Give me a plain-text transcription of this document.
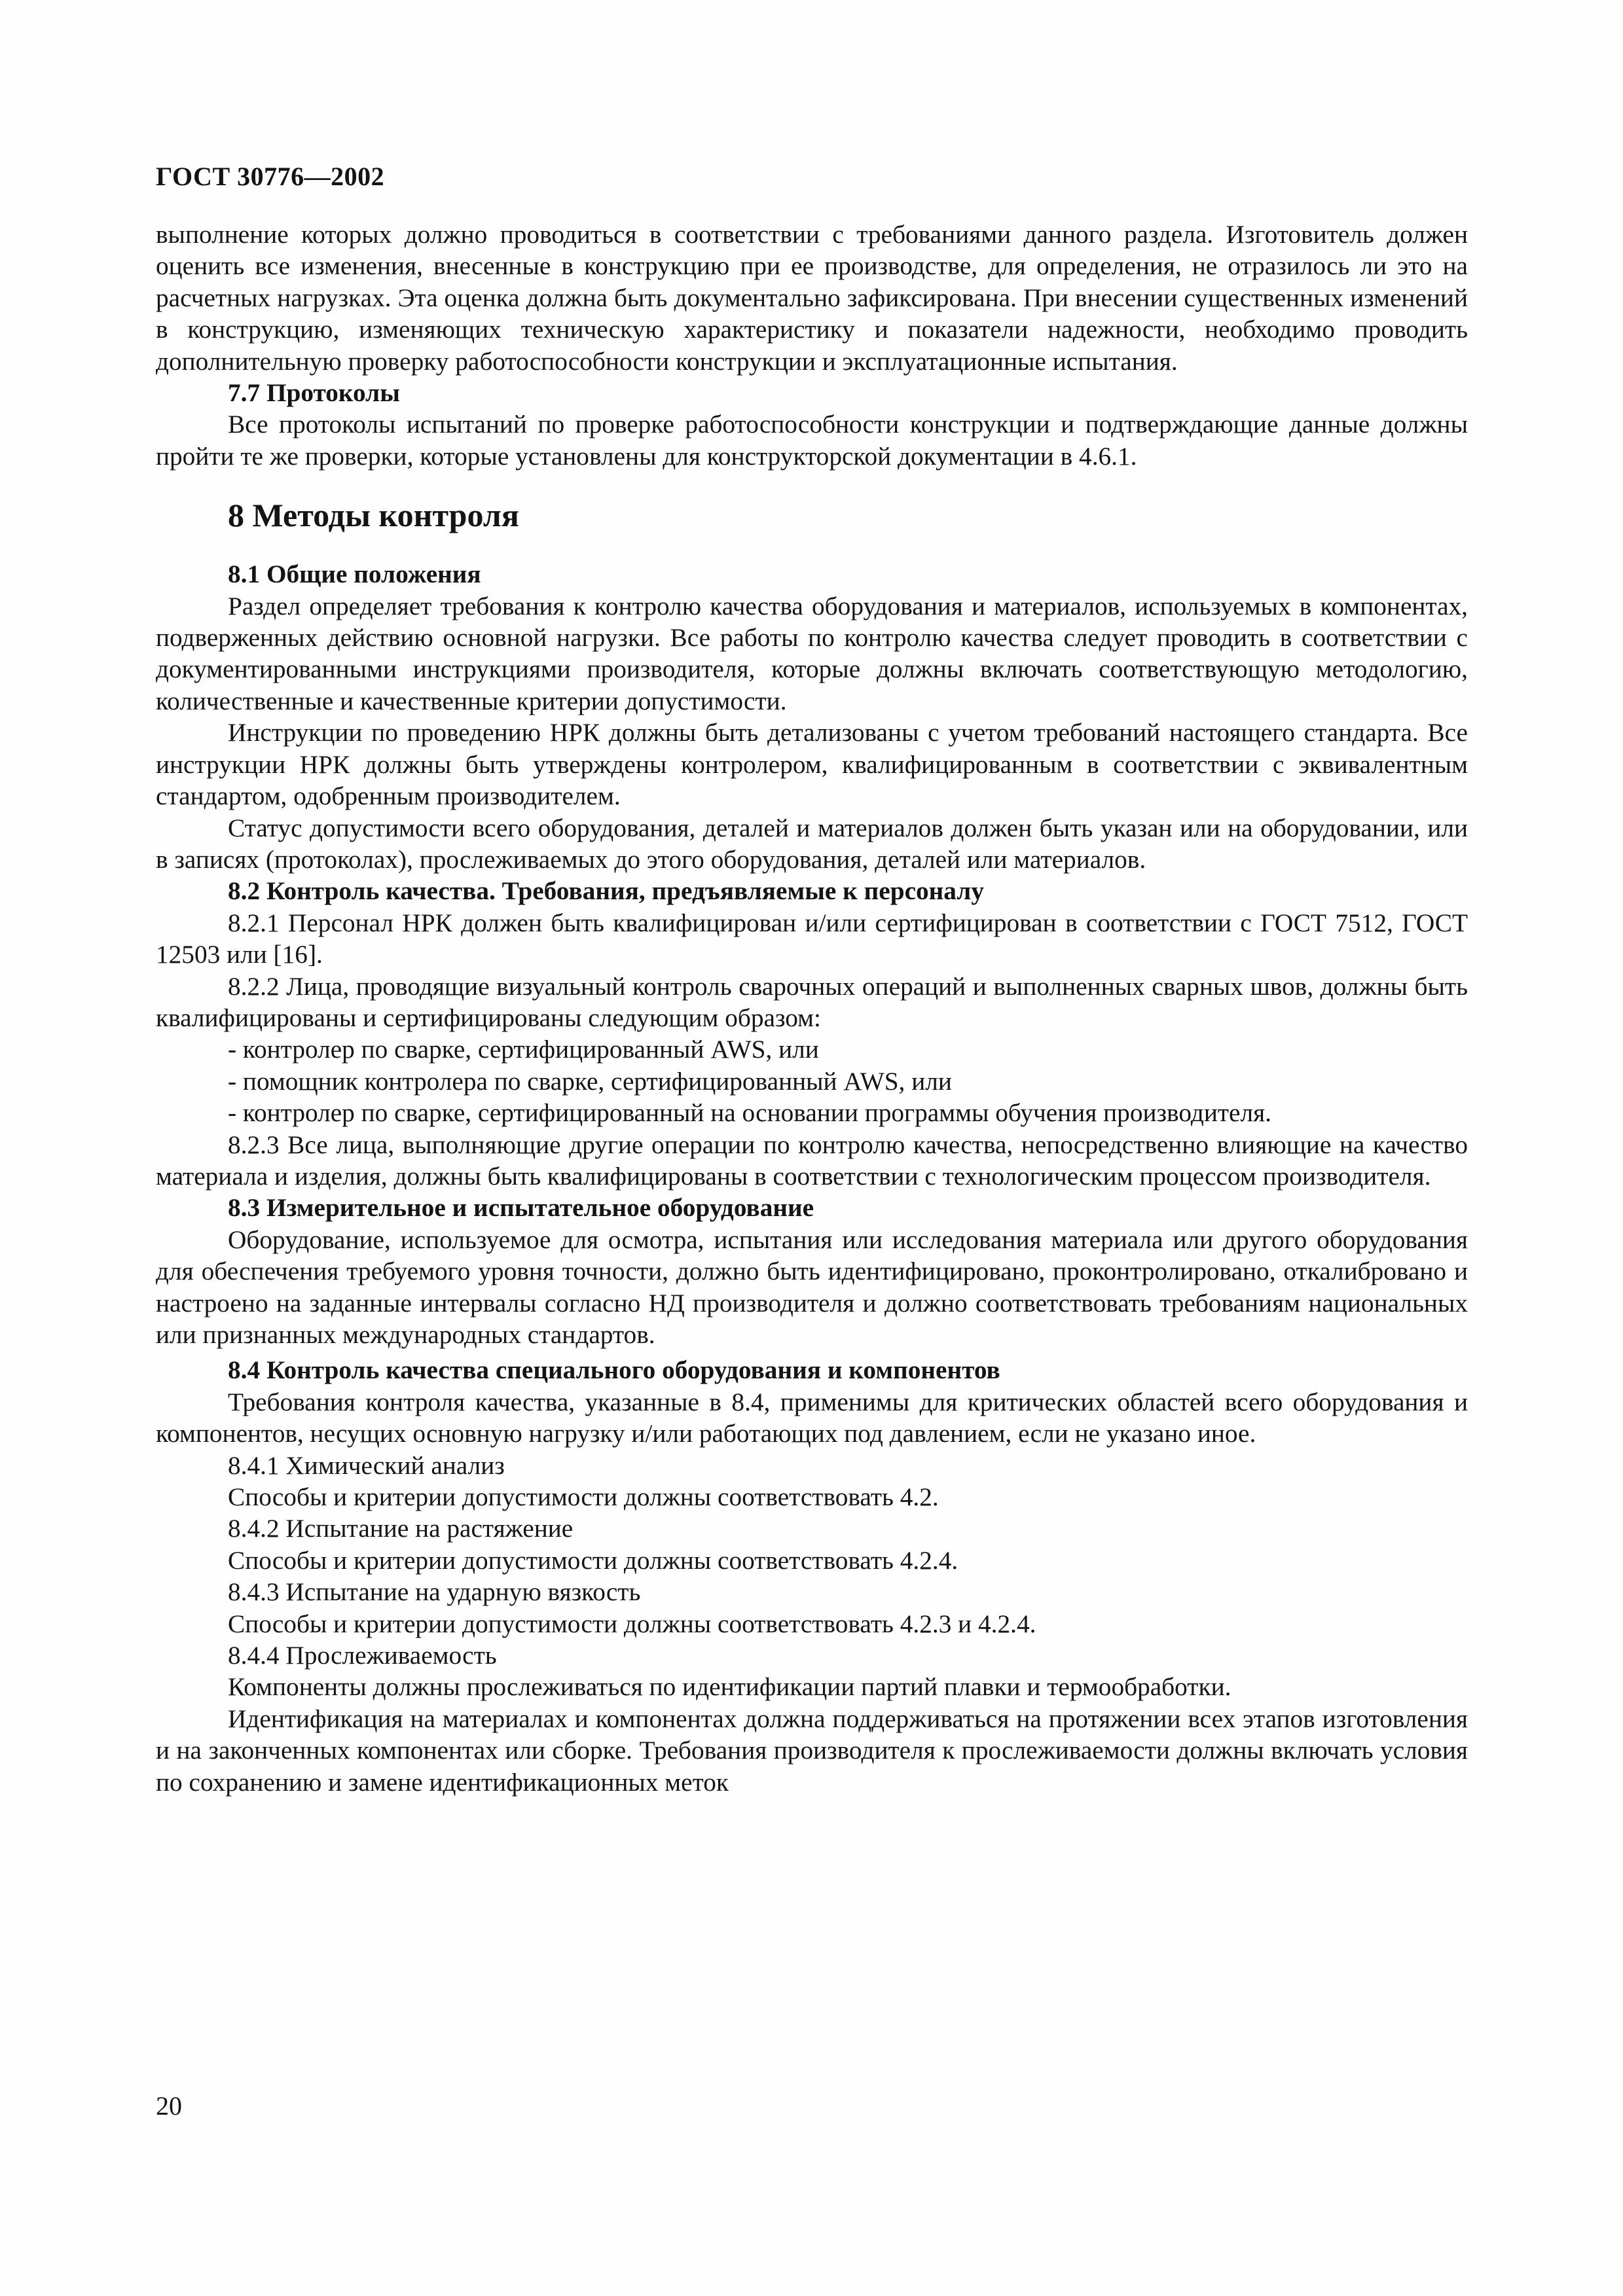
ГОСТ 30776—2002

выполнение которых должно проводиться в соответствии с требованиями данного раздела. Изготовитель должен оценить все изменения, внесенные в конструкцию при ее производстве, для определения, не отразилось ли это на расчетных нагрузках. Эта оценка должна быть документально зафиксирована. При внесении существенных изменений в конструкцию, изменяющих техническую характеристику и показатели надежности, необходимо проводить дополнительную проверку работоспособности конструкции и эксплуатационные испытания.

7.7 Протоколы

Все протоколы испытаний по проверке работоспособности конструкции и подтверждающие данные должны пройти те же проверки, которые установлены для конструкторской документации в 4.6.1.

8 Методы контроля

8.1 Общие положения

Раздел определяет требования к контролю качества оборудования и материалов, используемых в компонентах, подверженных действию основной нагрузки. Все работы по контролю качества следует проводить в соответствии с документированными инструкциями производителя, которые должны включать соответствующую методологию, количественные и качественные критерии допустимости.

Инструкции по проведению НРК должны быть детализованы с учетом требований настоящего стандарта. Все инструкции НРК должны быть утверждены контролером, квалифицированным в соответствии с эквивалентным стандартом, одобренным производителем.

Статус допустимости всего оборудования, деталей и материалов должен быть указан или на оборудовании, или в записях (протоколах), прослеживаемых до этого оборудования, деталей или материалов.

8.2 Контроль качества. Требования, предъявляемые к персоналу

8.2.1 Персонал НРК должен быть квалифицирован и/или сертифицирован в соответствии с ГОСТ 7512, ГОСТ 12503 или [16].

8.2.2 Лица, проводящие визуальный контроль сварочных операций и выполненных сварных швов, должны быть квалифицированы и сертифицированы следующим образом:

- контролер по сварке, сертифицированный AWS, или

- помощник контролера по сварке, сертифицированный AWS, или

- контролер по сварке, сертифицированный на основании программы обучения производителя.

8.2.3 Все лица, выполняющие другие операции по контролю качества, непосредственно влияющие на качество материала и изделия, должны быть квалифицированы в соответствии с технологическим процессом производителя.

8.3 Измерительное и испытательное оборудование

Оборудование, используемое для осмотра, испытания или исследования материала или другого оборудования для обеспечения требуемого уровня точности, должно быть идентифицировано, проконтролировано, откалибровано и настроено на заданные интервалы согласно НД производителя и должно соответствовать требованиям национальных или признанных международных стандартов.

8.4 Контроль качества специального оборудования и компонентов

Требования контроля качества, указанные в 8.4, применимы для критических областей всего оборудования и компонентов, несущих основную нагрузку и/или работающих под давлением, если не указано иное.

8.4.1 Химический анализ

Способы и критерии допустимости должны соответствовать 4.2.

8.4.2 Испытание на растяжение

Способы и критерии допустимости должны соответствовать 4.2.4.

8.4.3 Испытание на ударную вязкость

Способы и критерии допустимости должны соответствовать 4.2.3 и 4.2.4.

8.4.4 Прослеживаемость

Компоненты должны прослеживаться по идентификации партий плавки и термообработки.

Идентификация на материалах и компонентах должна поддерживаться на протяжении всех этапов изготовления и на законченных компонентах или сборке. Требования производителя к прослеживаемости должны включать условия по сохранению и замене идентификационных меток

20
